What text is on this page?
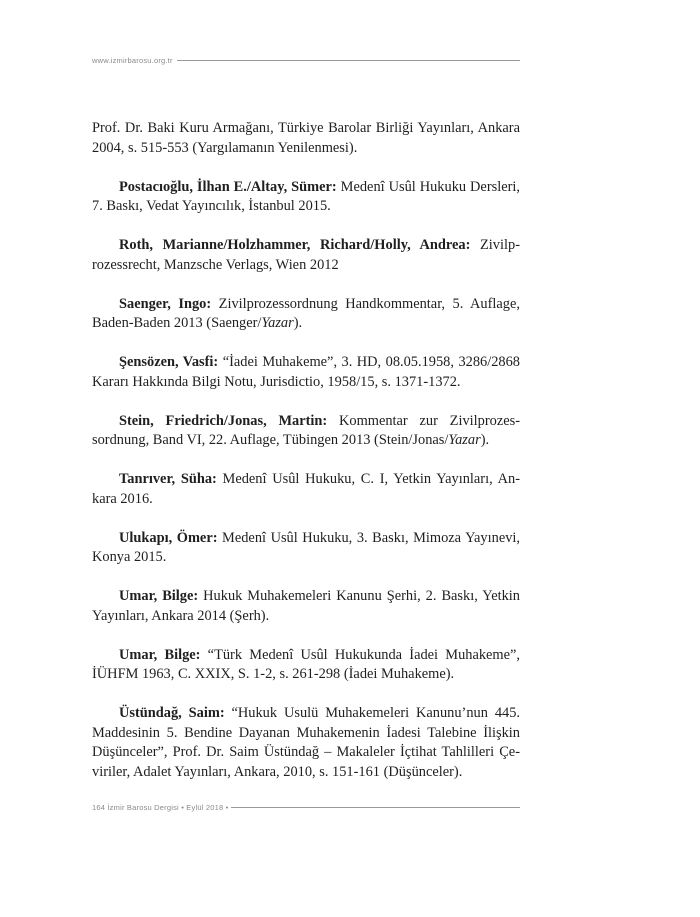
www.izmirbarosu.org.tr

Prof. Dr. Baki Kuru Armağanı, Türkiye Barolar Birliği Yayınları, Ankara 2004, s. 515-553 (Yargılamanın Yenilenmesi).

Postacıoğlu, İlhan E./Altay, Sümer: Medenî Usûl Hukuku Dersleri, 7. Baskı, Vedat Yayıncılık, İstanbul 2015.

Roth, Marianne/Holzhammer, Richard/Holly, Andrea: Zivilprozessrecht, Manzsche Verlags, Wien 2012

Saenger, Ingo: Zivilprozessordnung Handkommentar, 5. Auflage, Baden-Baden 2013 (Saenger/Yazar).

Şensözen, Vasfi: “İadei Muhakeme”, 3. HD, 08.05.1958, 3286/2868 Kararı Hakkında Bilgi Notu, Jurisdictio, 1958/15, s. 1371-1372.

Stein, Friedrich/Jonas, Martin: Kommentar zur Zivilprozessordnung, Band VI, 22. Auflage, Tübingen 2013 (Stein/Jonas/Yazar).

Tanrıver, Süha: Medenî Usûl Hukuku, C. I, Yetkin Yayınları, Ankara 2016.

Ulukapı, Ömer: Medenî Usûl Hukuku, 3. Baskı, Mimoza Yayınevi, Konya 2015.

Umar, Bilge: Hukuk Muhakemeleri Kanunu Şerhi, 2. Baskı, Yetkin Yayınları, Ankara 2014 (Şerh).

Umar, Bilge: “Türk Medenî Usûl Hukukunda İadei Muhakeme”, İÜHFM 1963, C. XXIX, S. 1-2, s. 261-298 (İadei Muhakeme).

Üstündağ, Saim: “Hukuk Usulü Muhakemeleri Kanunu’nun 445. Maddesinin 5. Bendine Dayanan Muhakemenin İadesi Talebine İlişkin Düşünceler”, Prof. Dr. Saim Üstündağ – Makaleler İçtihat Tahlilleri Çeviriler, Adalet Yayınları, Ankara, 2010, s. 151-161 (Düşünceler).

164 İzmir Barosu Dergisi • Eylül 2018 •
